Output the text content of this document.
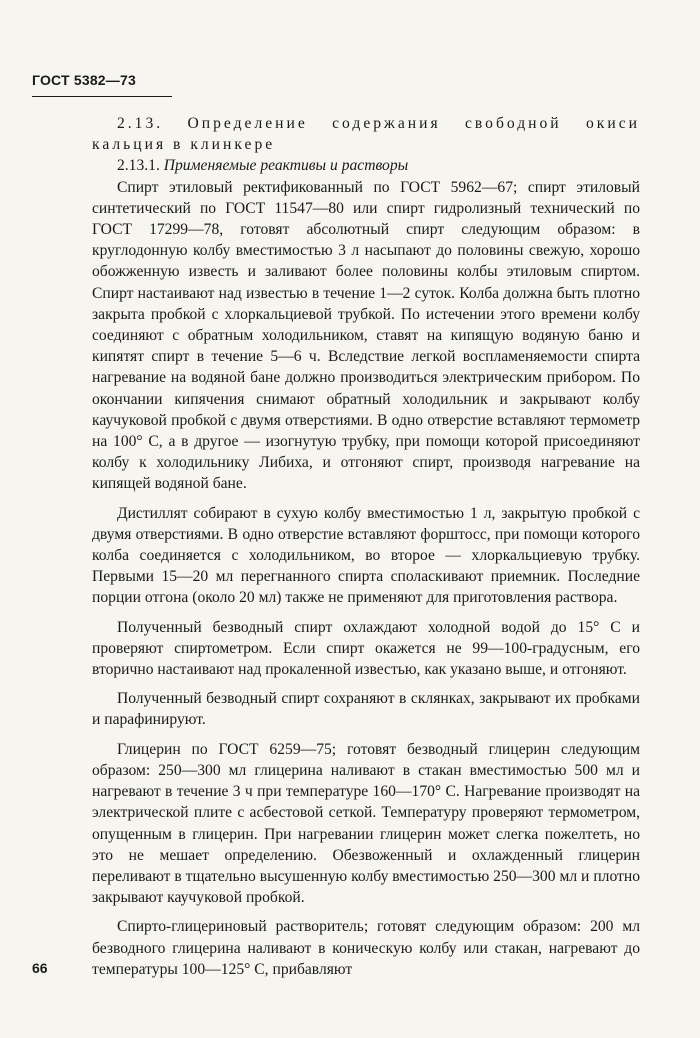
ГОСТ 5382—73

2.13. Определение содержания свободной окиси кальция в клинкере

2.13.1. Применяемые реактивы и растворы

Спирт этиловый ректификованный по ГОСТ 5962—67; спирт этиловый синтетический по ГОСТ 11547—80 или спирт гидролизный технический по ГОСТ 17299—78, готовят абсолютный спирт следующим образом: в круглодонную колбу вместимостью 3 л насыпают до половины свежую, хорошо обожженную известь и заливают более половины колбы этиловым спиртом. Спирт настаивают над известью в течение 1—2 суток. Колба должна быть плотно закрыта пробкой с хлоркальциевой трубкой. По истечении этого времени колбу соединяют с обратным холодильником, ставят на кипящую водяную баню и кипятят спирт в течение 5—6 ч. Вследствие легкой воспламеняемости спирта нагревание на водяной бане должно производиться электрическим прибором. По окончании кипячения снимают обратный холодильник и закрывают колбу каучуковой пробкой с двумя отверстиями. В одно отверстие вставляют термометр на 100° С, а в другое — изогнутую трубку, при помощи которой присоединяют колбу к холодильнику Либиха, и отгоняют спирт, производя нагревание на кипящей водяной бане.

Дистиллят собирают в сухую колбу вместимостью 1 л, закрытую пробкой с двумя отверстиями. В одно отверстие вставляют форштосс, при помощи которого колба соединяется с холодильником, во второе — хлоркальциевую трубку. Первыми 15—20 мл перегнанного спирта споласкивают приемник. Последние порции отгона (около 20 мл) также не применяют для приготовления раствора.

Полученный безводный спирт охлаждают холодной водой до 15° С и проверяют спиртометром. Если спирт окажется не 99—100-градусным, его вторично настаивают над прокаленной известью, как указано выше, и отгоняют.

Полученный безводный спирт сохраняют в склянках, закрывают их пробками и парафинируют.

Глицерин по ГОСТ 6259—75; готовят безводный глицерин следующим образом: 250—300 мл глицерина наливают в стакан вместимостью 500 мл и нагревают в течение 3 ч при температуре 160—170° С. Нагревание производят на электрической плите с асбестовой сеткой. Температуру проверяют термометром, опущенным в глицерин. При нагревании глицерин может слегка пожелтеть, но это не мешает определению. Обезвоженный и охлажденный глицерин переливают в тщательно высушенную колбу вместимостью 250—300 мл и плотно закрывают каучуковой пробкой.

Спирто-глицериновый растворитель; готовят следующим образом: 200 мл безводного глицерина наливают в коническую колбу или стакан, нагревают до температуры 100—125° С, прибавляют

66
